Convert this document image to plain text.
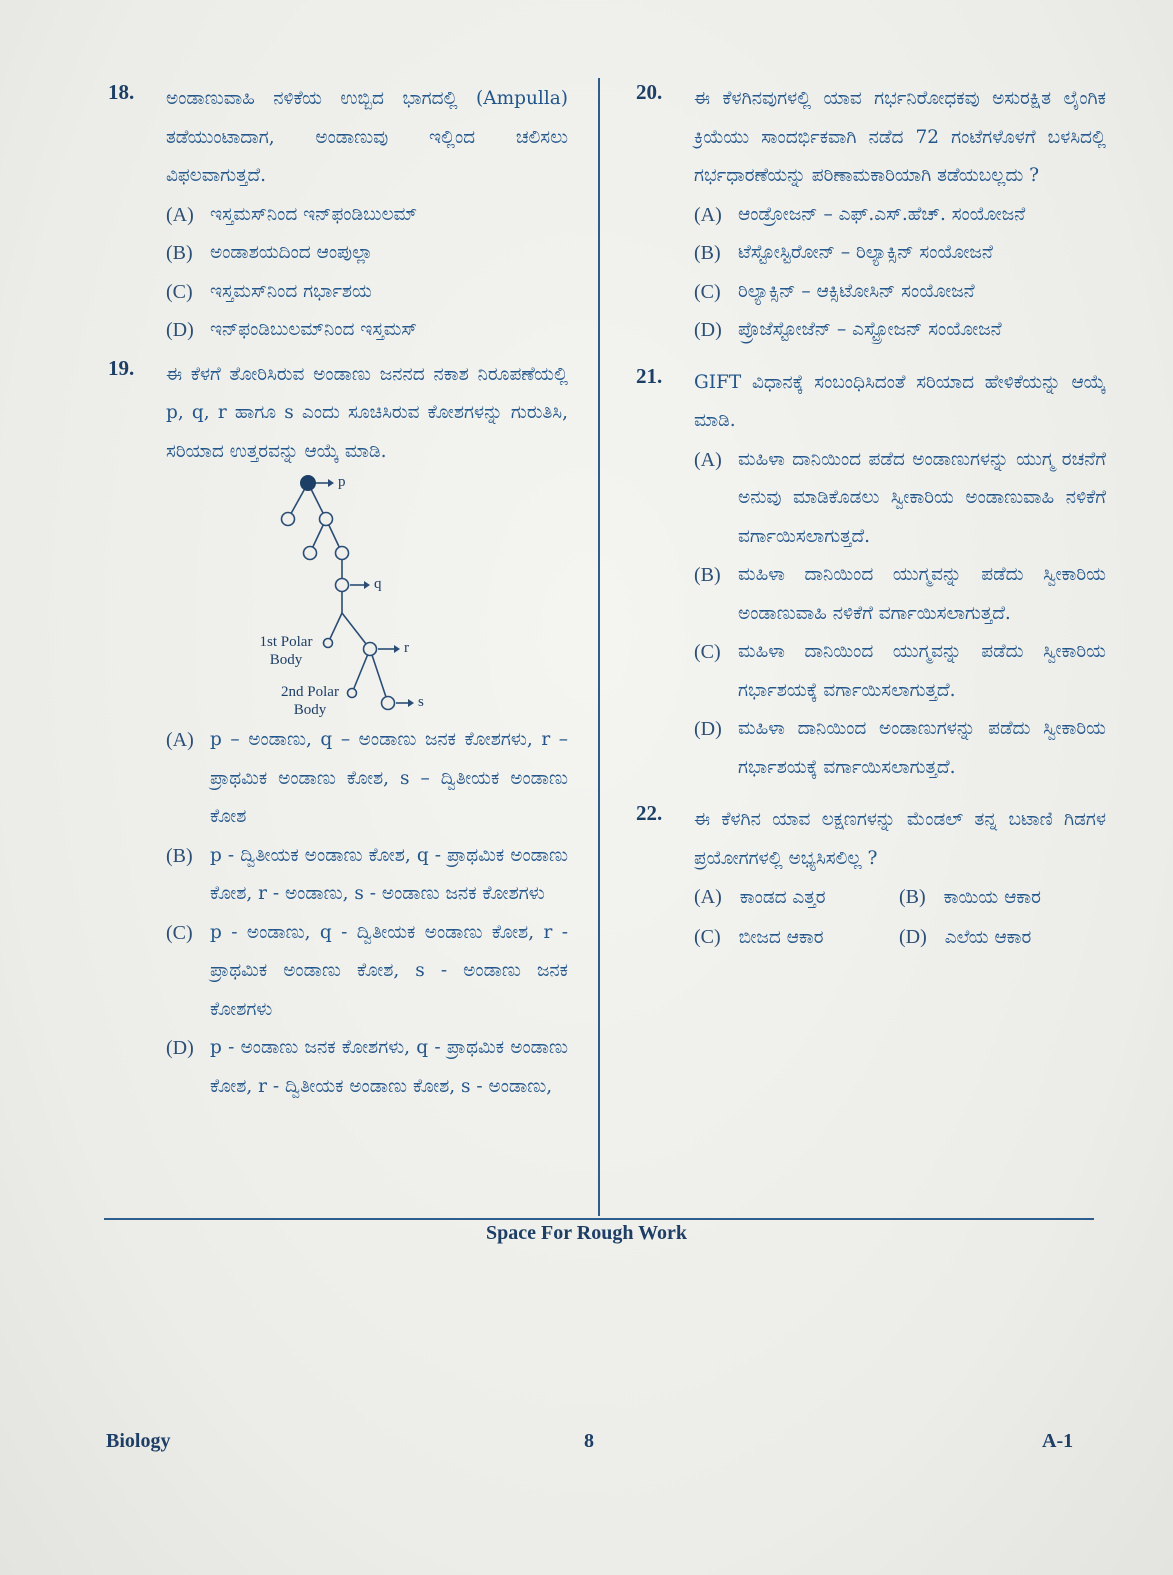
18. ಅಂಡಾಣುವಾಹಿ ನಳಿಕೆಯ ಉಬ್ಬಿದ ಭಾಗದಲ್ಲಿ (Ampulla) ತಡೆಯುಂಟಾದಾಗ, ಅಂಡಾಣುವು ಇಲ್ಲಿಂದ ಚಲಿಸಲು ವಿಫಲವಾಗುತ್ತದೆ.
(A) ಇಸ್ತಮಸ್‌ನಿಂದ ಇನ್‌ಫಂಡಿಬುಲಮ್
(B) ಅಂಡಾಶಯದಿಂದ ಆಂಪುಲ್ಲಾ
(C) ಇಸ್ತಮಸ್‌ನಿಂದ ಗರ್ಭಾಶಯ
(D) ಇನ್‌ಫಂಡಿಬುಲಮ್‌ನಿಂದ ಇಸ್ತಮಸ್
19. ಈ ಕೆಳಗೆ ತೋರಿಸಿರುವ ಅಂಡಾಣು ಜನನದ ನಕಾಶ ನಿರೂಪಣೆಯಲ್ಲಿ p, q, r ಹಾಗೂ s ಎಂದು ಸೂಚಿಸಿರುವ ಕೋಶಗಳನ್ನು ಗುರುತಿಸಿ, ಸರಿಯಾದ ಉತ್ತರವನ್ನು ಆಯ್ಕೆ ಮಾಡಿ.
p
q
r
s
1st Polar
Body
2nd Polar
Body
(A) p – ಅಂಡಾಣು, q – ಅಂಡಾಣು ಜನಕ ಕೋಶಗಳು, r – ಪ್ರಾಥಮಿಕ ಅಂಡಾಣು ಕೋಶ, s – ದ್ವಿತೀಯಕ ಅಂಡಾಣು ಕೋಶ
(B) p - ದ್ವಿತೀಯಕ ಅಂಡಾಣು ಕೋಶ, q - ಪ್ರಾಥಮಿಕ ಅಂಡಾಣು ಕೋಶ, r - ಅಂಡಾಣು, s - ಅಂಡಾಣು ಜನಕ ಕೋಶಗಳು
(C) p - ಅಂಡಾಣು, q - ದ್ವಿತೀಯಕ ಅಂಡಾಣು ಕೋಶ, r - ಪ್ರಾಥಮಿಕ ಅಂಡಾಣು ಕೋಶ, s - ಅಂಡಾಣು ಜನಕ ಕೋಶಗಳು
(D) p - ಅಂಡಾಣು ಜನಕ ಕೋಶಗಳು, q - ಪ್ರಾಥಮಿಕ ಅಂಡಾಣು ಕೋಶ, r - ದ್ವಿತೀಯಕ ಅಂಡಾಣು ಕೋಶ, s - ಅಂಡಾಣು,
20. ಈ ಕೆಳಗಿನವುಗಳಲ್ಲಿ ಯಾವ ಗರ್ಭನಿರೋಧಕವು ಅಸುರಕ್ಷಿತ ಲೈಂಗಿಕ ಕ್ರಿಯೆಯು ಸಾಂದರ್ಭಿಕವಾಗಿ ನಡೆದ 72 ಗಂಟೆಗಳೊಳಗೆ ಬಳಸಿದಲ್ಲಿ ಗರ್ಭಧಾರಣೆಯನ್ನು ಪರಿಣಾಮಕಾರಿಯಾಗಿ ತಡೆಯಬಲ್ಲದು ?
(A) ಆಂಡ್ರೋಜನ್ – ಎಫ್.ಎಸ್.ಹೆಚ್. ಸಂಯೋಜನೆ
(B) ಟೆಸ್ಟೋಸ್ಟಿರೋನ್ – ರಿಲ್ಯಾಕ್ಸಿನ್ ಸಂಯೋಜನೆ
(C) ರಿಲ್ಯಾಕ್ಸಿನ್ – ಆಕ್ಸಿಟೋಸಿನ್ ಸಂಯೋಜನೆ
(D) ಪ್ರೊಜೆಸ್ಟೋಜೆನ್ – ಎಸ್ಟ್ರೋಜನ್ ಸಂಯೋಜನೆ
21. GIFT ವಿಧಾನಕ್ಕೆ ಸಂಬಂಧಿಸಿದಂತೆ ಸರಿಯಾದ ಹೇಳಿಕೆಯನ್ನು ಆಯ್ಕೆ ಮಾಡಿ.
(A) ಮಹಿಳಾ ದಾನಿಯಿಂದ ಪಡೆದ ಅಂಡಾಣುಗಳನ್ನು ಯುಗ್ಮ ರಚನೆಗೆ ಅನುವು ಮಾಡಿಕೊಡಲು ಸ್ವೀಕಾರಿಯ ಅಂಡಾಣುವಾಹಿ ನಳಿಕೆಗೆ ವರ್ಗಾಯಿಸಲಾಗುತ್ತದೆ.
(B) ಮಹಿಳಾ ದಾನಿಯಿಂದ ಯುಗ್ಮವನ್ನು ಪಡೆದು ಸ್ವೀಕಾರಿಯ ಅಂಡಾಣುವಾಹಿ ನಳಿಕೆಗೆ ವರ್ಗಾಯಿಸಲಾಗುತ್ತದೆ.
(C) ಮಹಿಳಾ ದಾನಿಯಿಂದ ಯುಗ್ಮವನ್ನು ಪಡೆದು ಸ್ವೀಕಾರಿಯ ಗರ್ಭಾಶಯಕ್ಕೆ ವರ್ಗಾಯಿಸಲಾಗುತ್ತದೆ.
(D) ಮಹಿಳಾ ದಾನಿಯಿಂದ ಅಂಡಾಣುಗಳನ್ನು ಪಡೆದು ಸ್ವೀಕಾರಿಯ ಗರ್ಭಾಶಯಕ್ಕೆ ವರ್ಗಾಯಿಸಲಾಗುತ್ತದೆ.
22. ಈ ಕೆಳಗಿನ ಯಾವ ಲಕ್ಷಣಗಳನ್ನು ಮೆಂಡಲ್ ತನ್ನ ಬಟಾಣಿ ಗಿಡಗಳ ಪ್ರಯೋಗಗಳಲ್ಲಿ ಅಭ್ಯಸಿಸಲಿಲ್ಲ ?
(A) ಕಾಂಡದ ಎತ್ತರ	(B) ಕಾಯಿಯ ಆಕಾರ
(C) ಬೀಜದ ಆಕಾರ	(D) ಎಲೆಯ ಆಕಾರ
Space For Rough Work
Biology	8	A-1
